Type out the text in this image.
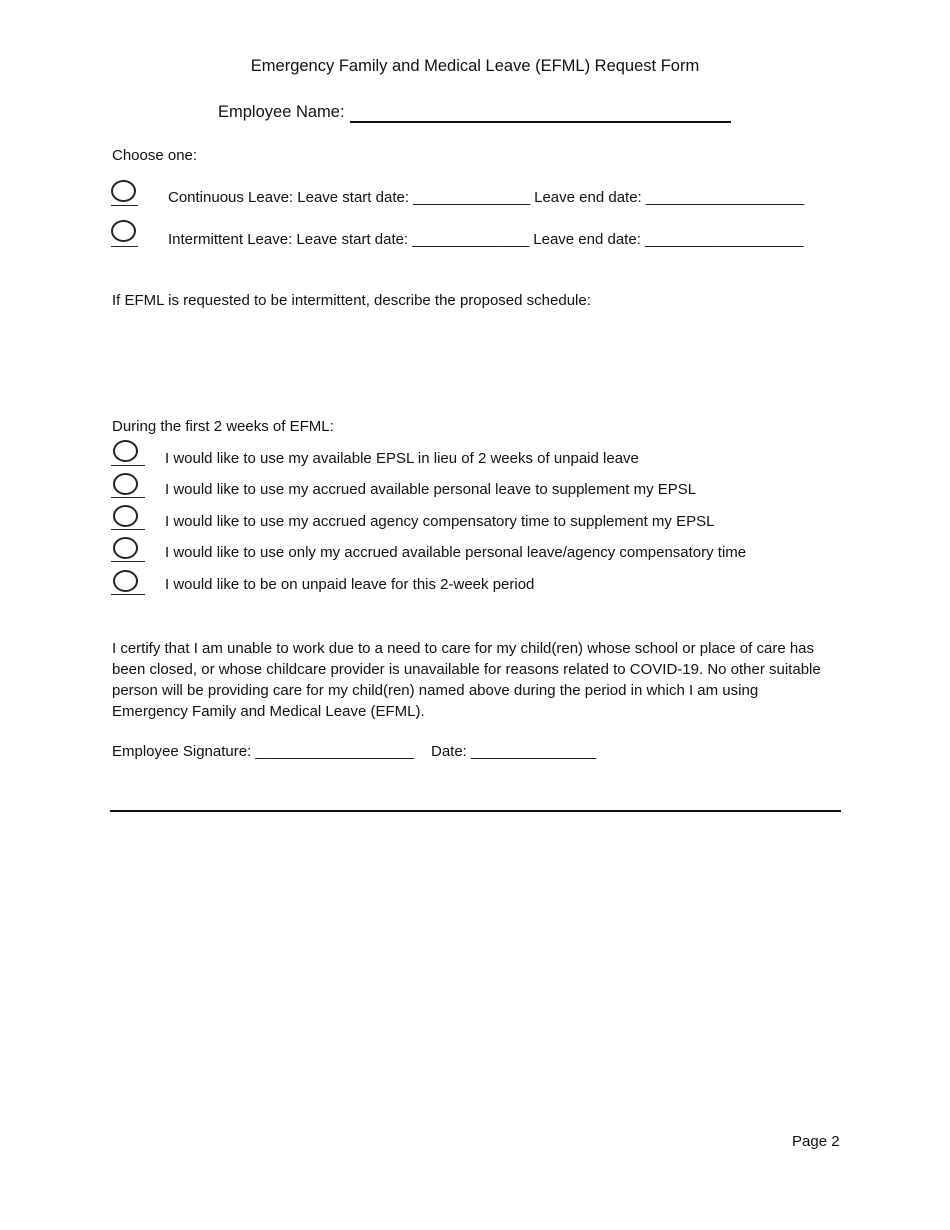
Emergency Family and Medical Leave (EFML) Request Form
Employee Name:
Choose one:
Continuous Leave: Leave start date: ______________ Leave end date: ___________________
Intermittent Leave: Leave start date: ______________ Leave end date: ___________________
If EFML is requested to be intermittent, describe the proposed schedule:
During the first 2 weeks of EFML:
I would like to use my available EPSL in lieu of 2 weeks of unpaid leave
I would like to use my accrued available personal leave to supplement my EPSL
I would like to use my accrued agency compensatory time to supplement my EPSL
I would like to use only my accrued available personal leave/agency compensatory time
I would like to be on unpaid leave for this 2-week period
I certify that I am unable to work due to a need to care for my child(ren) whose school or place of care has been closed, or whose childcare provider is unavailable for reasons related to COVID-19. No other suitable person will be providing care for my child(ren) named above during the period in which I am using Emergency Family and Medical Leave (EFML).
Employee Signature: ___________________ Date: _______________
Page 2
